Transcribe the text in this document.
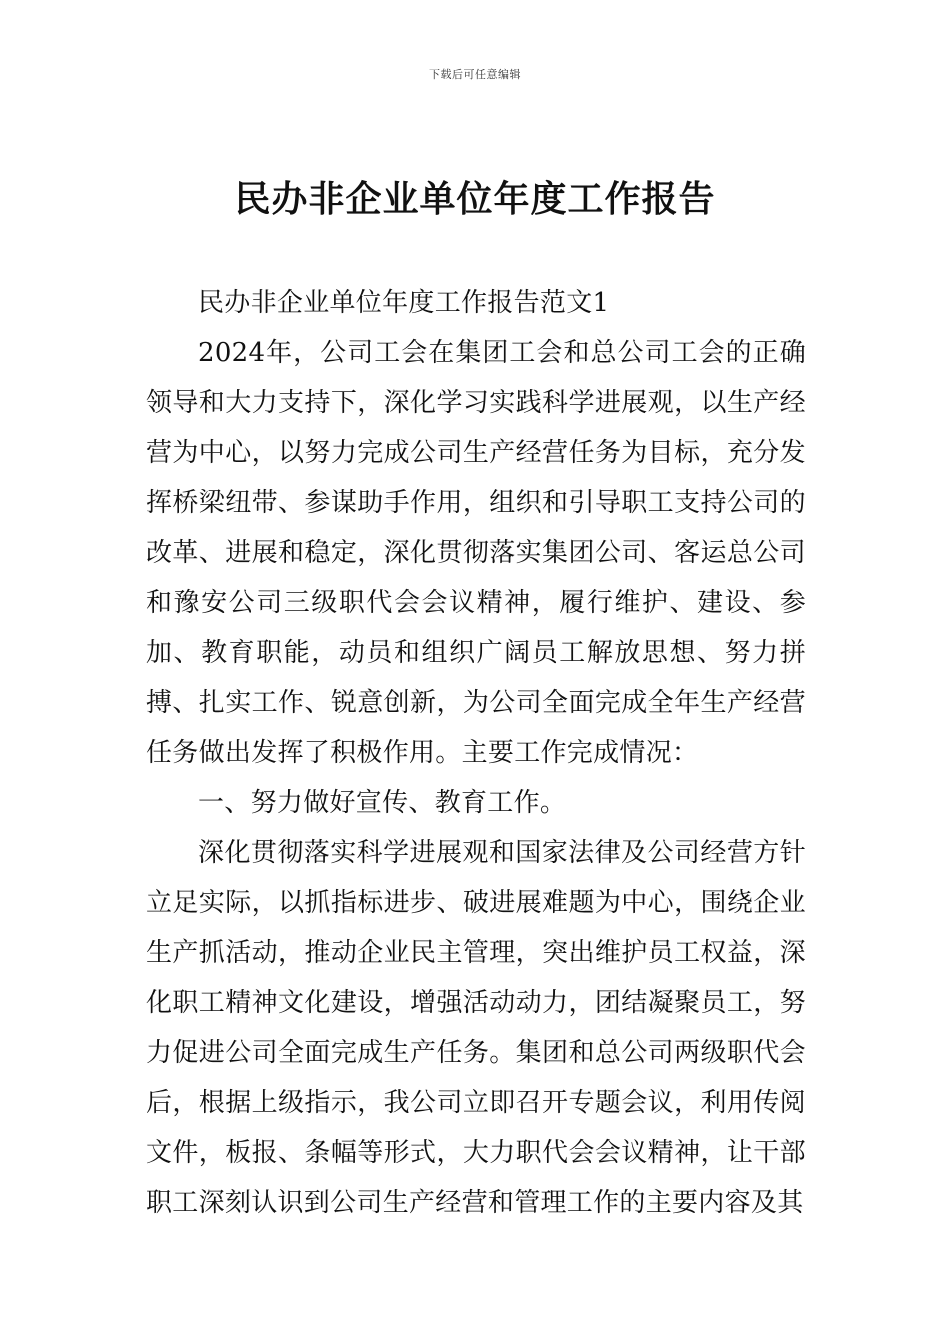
下载后可任意编辑
民办非企业单位年度工作报告

民办非企业单位年度工作报告范文1

2024年，公司工会在集团工会和总公司工会的正确领导和大力支持下，深化学习实践科学进展观，以生产经营为中心，以努力完成公司生产经营任务为目标，充分发挥桥梁纽带、参谋助手作用，组织和引导职工支持公司的改革、进展和稳定，深化贯彻落实集团公司、客运总公司和豫安公司三级职代会会议精神，履行维护、建设、参加、教育职能，动员和组织广阔员工解放思想、努力拼搏、扎实工作、锐意创新，为公司全面完成全年生产经营任务做出发挥了积极作用。主要工作完成情况：

一、努力做好宣传、教育工作。

深化贯彻落实科学进展观和国家法律及公司经营方针立足实际，以抓指标进步、破进展难题为中心，围绕企业生产抓活动，推动企业民主管理，突出维护员工权益，深化职工精神文化建设，增强活动动力，团结凝聚员工，努力促进公司全面完成生产任务。集团和总公司两级职代会后，根据上级指示，我公司立即召开专题会议，利用传阅文件，板报、条幅等形式，大力职代会会议精神，让干部职工深刻认识到公司生产经营和管理工作的主要内容及其
